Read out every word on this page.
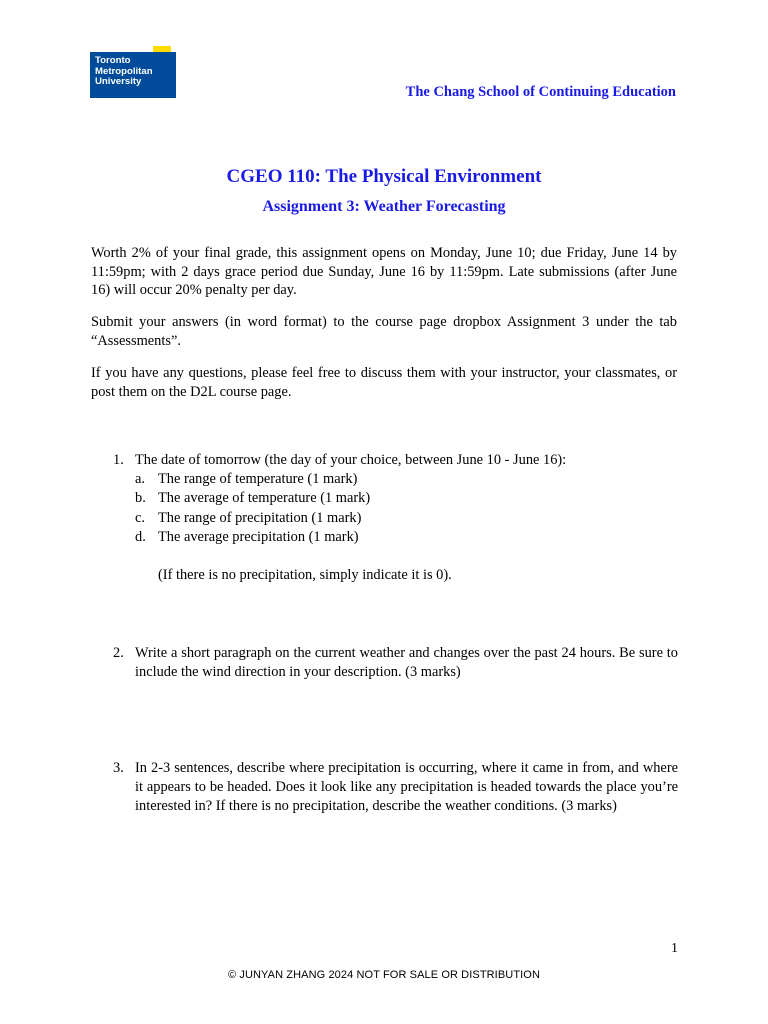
Toronto
Metropolitan
University
The Chang School of Continuing Education
CGEO 110: The Physical Environment
Assignment 3: Weather Forecasting
Worth 2% of your final grade, this assignment opens on Monday, June 10; due Friday, June 14 by 11:59pm; with 2 days grace period due Sunday, June 16 by 11:59pm. Late submissions (after June 16) will occur 20% penalty per day.
Submit your answers (in word format) to the course page dropbox Assignment 3 under the tab “Assessments”.
If you have any questions, please feel free to discuss them with your instructor, your classmates, or post them on the D2L course page.
1. The date of tomorrow (the day of your choice, between June 10 - June 16):
a. The range of temperature (1 mark)
b. The average of temperature (1 mark)
c. The range of precipitation (1 mark)
d. The average precipitation (1 mark)
(If there is no precipitation, simply indicate it is 0).
2. Write a short paragraph on the current weather and changes over the past 24 hours. Be sure to include the wind direction in your description. (3 marks)
3. In 2-3 sentences, describe where precipitation is occurring, where it came in from, and where it appears to be headed. Does it look like any precipitation is headed towards the place you’re interested in? If there is no precipitation, describe the weather conditions. (3 marks)
1
© JUNYAN ZHANG 2024 NOT FOR SALE OR DISTRIBUTION
